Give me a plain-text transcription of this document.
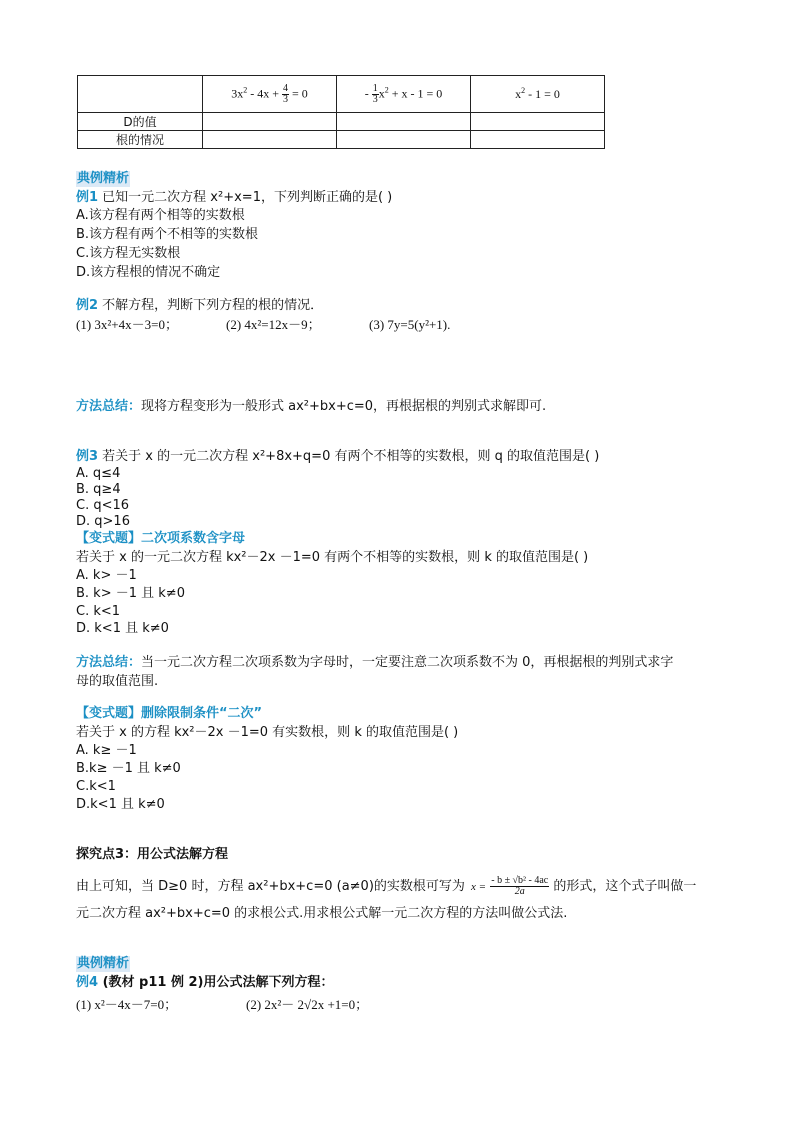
	$3x^2 - 4x + \frac{4}{3} = 0$	- $\frac{1}{3} x^2 + x - 1 = 0$	$x^2 - 1 = 0$
D的值			
根的情况			
典例精析
例1 已知一元二次方程 x²+x=1，下列判断正确的是( )
A.该方程有两个相等的实数根
B.该方程有两个不相等的实数根
C.该方程无实数根
D.该方程根的情况不确定
例2 不解方程，判断下列方程的根的情况．
(1) 3x²+4x－3=0；	(2) 4x²=12x－9；	(3) 7y=5(y²+1).
方法总结：现将方程变形为一般形式 ax²+bx+c=0，再根据根的判别式求解即可.
例3 若关于 x 的一元二次方程 x²+8x+q=0 有两个不相等的实数根，则 q 的取值范围是( )
A. q≤4
B. q≥4
C. q<16
D. q>16
【变式题】二次项系数含字母
若关于 x 的一元二次方程 kx²－2x －1=0 有两个不相等的实数根，则 k 的取值范围是( )
A. k> －1
B. k> －1 且 k≠0
C. k<1
D. k<1 且 k≠0
方法总结：当一元二次方程二次项系数为字母时，一定要注意二次项系数不为 0，再根据根的判别式求字
母的取值范围.
【变式题】删除限制条件“二次”
若关于 x 的方程 kx²－2x －1=0 有实数根，则 k 的取值范围是( )
A. k≥ －1
B.k≥ －1 且 k≠0
C.k<1
D.k<1 且 k≠0
探究点3：用公式法解方程
由上可知，当 D≥0 时，方程 ax²+bx+c=0 (a≠0)的实数根可写为 $x = \frac{\text{- b ± √b² - 4ac}}{2a}$ 的形式，这个式子叫做一
元二次方程 ax²+bx+c=0 的求根公式.用求根公式解一元二次方程的方法叫做公式法.
典例精析
例4 (教材 p11 例 2)用公式法解下列方程：
(1) x²－4x－7=0；	(2) 2x²－ 2√2x +1=0；
